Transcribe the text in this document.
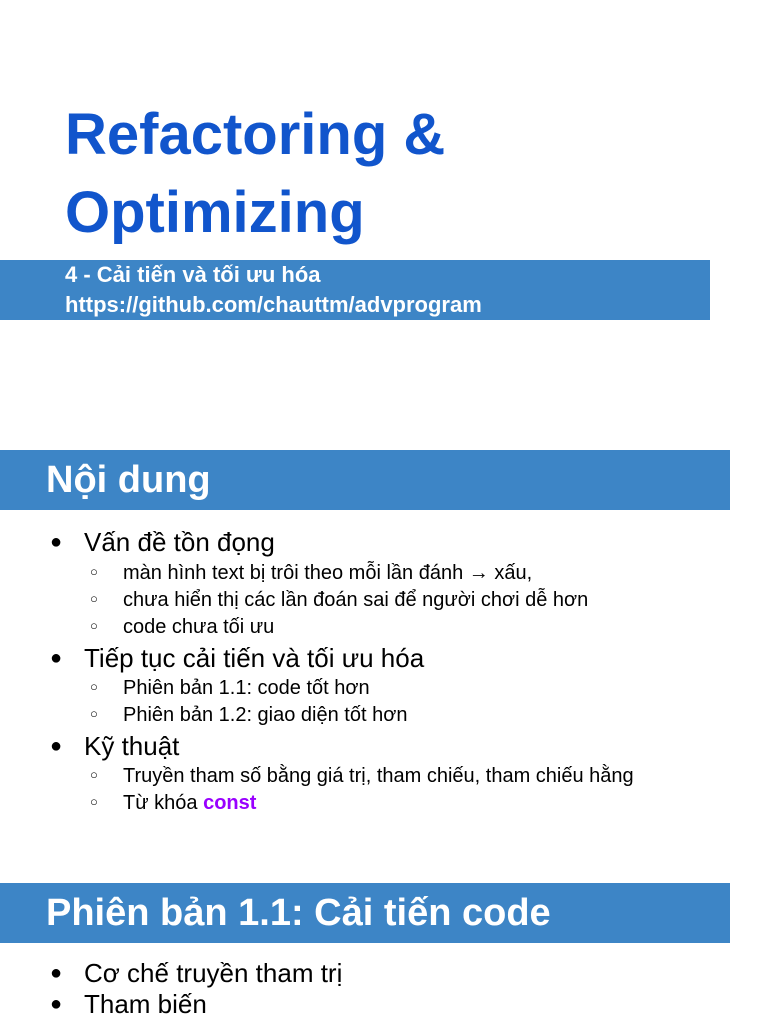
Refactoring &
Optimizing
4 - Cải tiến và tối ưu hóa
https://github.com/chauttm/advprogram
Nội dung
● Vấn đề tồn đọng
○ màn hình text bị trôi theo mỗi lần đánh → xấu,
○ chưa hiển thị các lần đoán sai để người chơi dễ hơn
○ code chưa tối ưu
● Tiếp tục cải tiến và tối ưu hóa
○ Phiên bản 1.1: code tốt hơn
○ Phiên bản 1.2: giao diện tốt hơn
● Kỹ thuật
○ Truyền tham số bằng giá trị, tham chiếu, tham chiếu hằng
○ Từ khóa const
Phiên bản 1.1: Cải tiến code
● Cơ chế truyền tham trị
● Tham biến
